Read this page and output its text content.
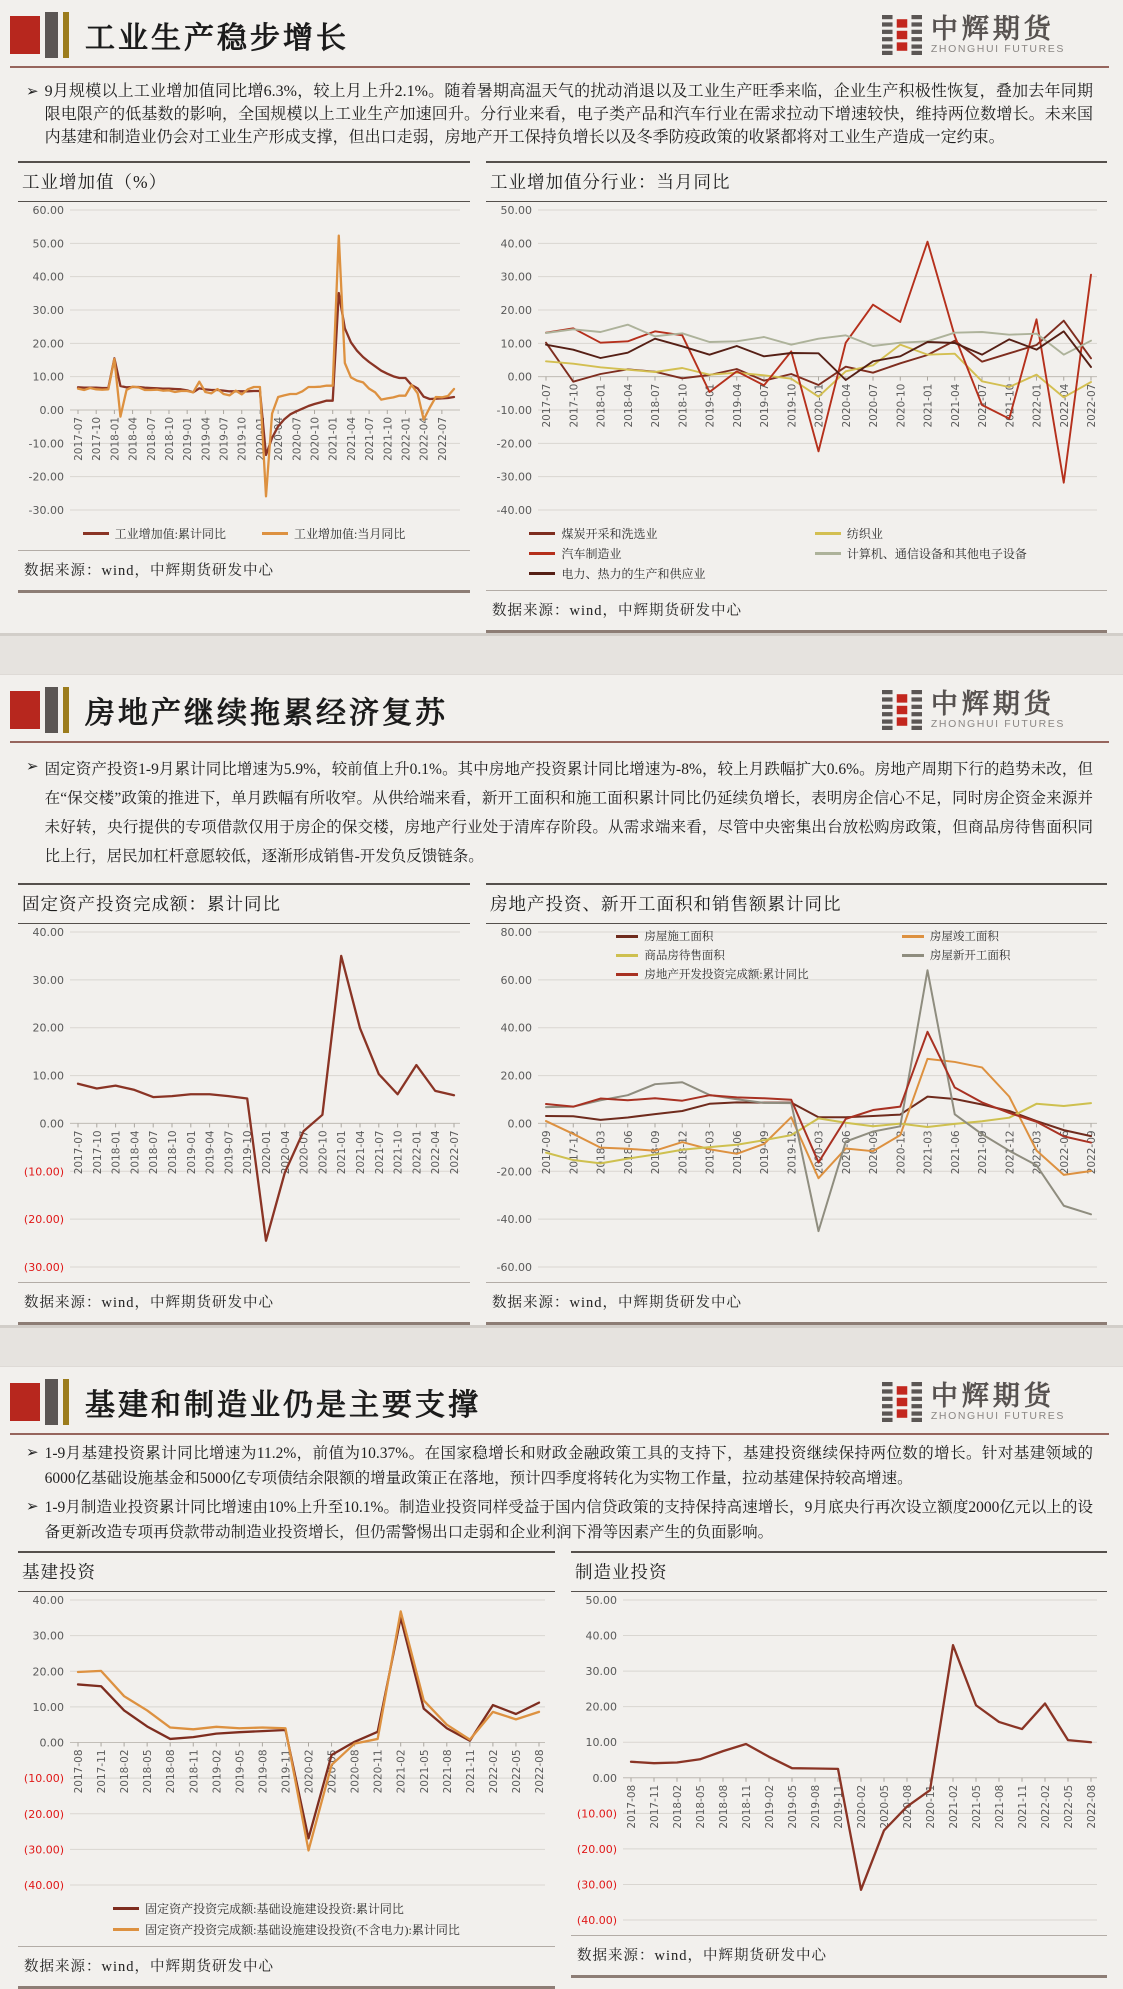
工业生产稳步增长	中辉期货
ZHONGHUI FUTURES
➢ 9月规模以上工业增加值同比增6.3%，较上月上升2.1%。随着暑期高温天气的扰动消退以及工业生产旺季来临，企业生产积极性恢复，叠加去年同期限电限产的低基数的影响，全国规模以上工业生产加速回升。分行业来看，电子类产品和汽车行业在需求拉动下增速较快，维持两位数增长。未来国内基建和制造业仍会对工业生产形成支撑，但出口走弱，房地产开工保持负增长以及冬季防疫政策的收紧都将对工业生产造成一定约束。

工业增加值（%）
60.00
50.00
40.00
30.00
20.00
10.00
0.00
-10.00
-20.00
-30.00
2017-07 2017-10 2018-01 2018-04 2018-07 2018-10 2019-01 2019-04 2019-07 2019-10 2020-01 2020-04 2020-07 2020-10 2021-01 2021-04 2021-07 2021-10 2022-01 2022-04 2022-07
工业增加值:累计同比	工业增加值:当月同比
数据来源：wind，中辉期货研发中心
工业增加值分行业：当月同比
50.00
40.00
30.00
20.00
10.00
0.00
-10.00
-20.00
-30.00
-40.00
2017-07 2017-10 2018-01 2018-04 2018-07 2018-10 2019-01 2019-04 2019-07 2019-10 2020-01 2020-04 2020-07 2020-10 2021-01 2021-04 2021-07 2021-10 2022-01 2022-04 2022-07
煤炭开采和洗选业	纺织业
汽车制造业	计算机、通信设备和其他电子设备
电力、热力的生产和供应业
数据来源：wind，中辉期货研发中心
房地产继续拖累经济复苏	中辉期货
ZHONGHUI FUTURES
➢ 固定资产投资1-9月累计同比增速为5.9%，较前值上升0.1%。其中房地产投资累计同比增速为-8%，较上月跌幅扩大0.6%。房地产周期下行的趋势未改，但在“保交楼”政策的推进下，单月跌幅有所收窄。从供给端来看，新开工面积和施工面积累计同比仍延续负增长，表明房企信心不足，同时房企资金来源并未好转，央行提供的专项借款仅用于房企的保交楼，房地产行业处于清库存阶段。从需求端来看，尽管中央密集出台放松购房政策，但商品房待售面积同比上行，居民加杠杆意愿较低，逐渐形成销售-开发负反馈链条。

固定资产投资完成额：累计同比
40.00
30.00
20.00
10.00
0.00
(10.00)
(20.00)
(30.00)
2017-07 2017-10 2018-01 2018-04 2018-07 2018-10 2019-01 2019-04 2019-07 2019-10 2020-01 2020-04 2020-07 2020-10 2021-01 2021-04 2021-07 2021-10 2022-01 2022-04 2022-07
数据来源：wind，中辉期货研发中心
房地产投资、新开工面积和销售额累计同比
80.00
60.00
40.00
20.00
0.00
-20.00
-40.00
-60.00
2017-09 2017-12 2018-03 2018-06 2018-09 2018-12 2019-03 2019-06 2019-09 2019-12 2020-03 2020-06 2020-09 2020-12 2021-03 2021-06 2021-09 2021-12 2022-03 2022-06 2022-09
房屋施工面积	房屋竣工面积
商品房待售面积	房屋新开工面积
房地产开发投资完成额:累计同比
数据来源：wind，中辉期货研发中心
基建和制造业仍是主要支撑	中辉期货
ZHONGHUI FUTURES
➢ 1-9月基建投资累计同比增速为11.2%，前值为10.37%。在国家稳增长和财政金融政策工具的支持下，基建投资继续保持两位数的增长。针对基建领域的6000亿基础设施基金和5000亿专项债结余限额的增量政策正在落地，预计四季度将转化为实物工作量，拉动基建保持较高增速。

➢ 1-9月制造业投资累计同比增速由10%上升至10.1%。制造业投资同样受益于国内信贷政策的支持保持高速增长，9月底央行再次设立额度2000亿元以上的设备更新改造专项再贷款带动制造业投资增长，但仍需警惕出口走弱和企业利润下滑等因素产生的负面影响。

基建投资
40.00
30.00
20.00
10.00
0.00
(10.00)
(20.00)
(30.00)
(40.00)
2017-08 2017-11 2018-02 2018-05 2018-08 2018-11 2019-02 2019-05 2019-08 2019-11 2020-02 2020-05 2020-08 2020-11 2021-02 2021-05 2021-08 2021-11 2022-02 2022-05 2022-08
固定资产投资完成额:基础设施建设投资:累计同比
固定资产投资完成额:基础设施建设投资(不含电力):累计同比
数据来源：wind，中辉期货研发中心
制造业投资
50.00
40.00
30.00
20.00
10.00
0.00
(10.00)
(20.00)
(30.00)
(40.00)
2017-08 2017-11 2018-02 2018-05 2018-08 2018-11 2019-02 2019-05 2019-08 2019-11 2020-02 2020-05 2020-08 2020-11 2021-02 2021-05 2021-08 2021-11 2022-02 2022-05 2022-08
数据来源：wind，中辉期货研发中心
